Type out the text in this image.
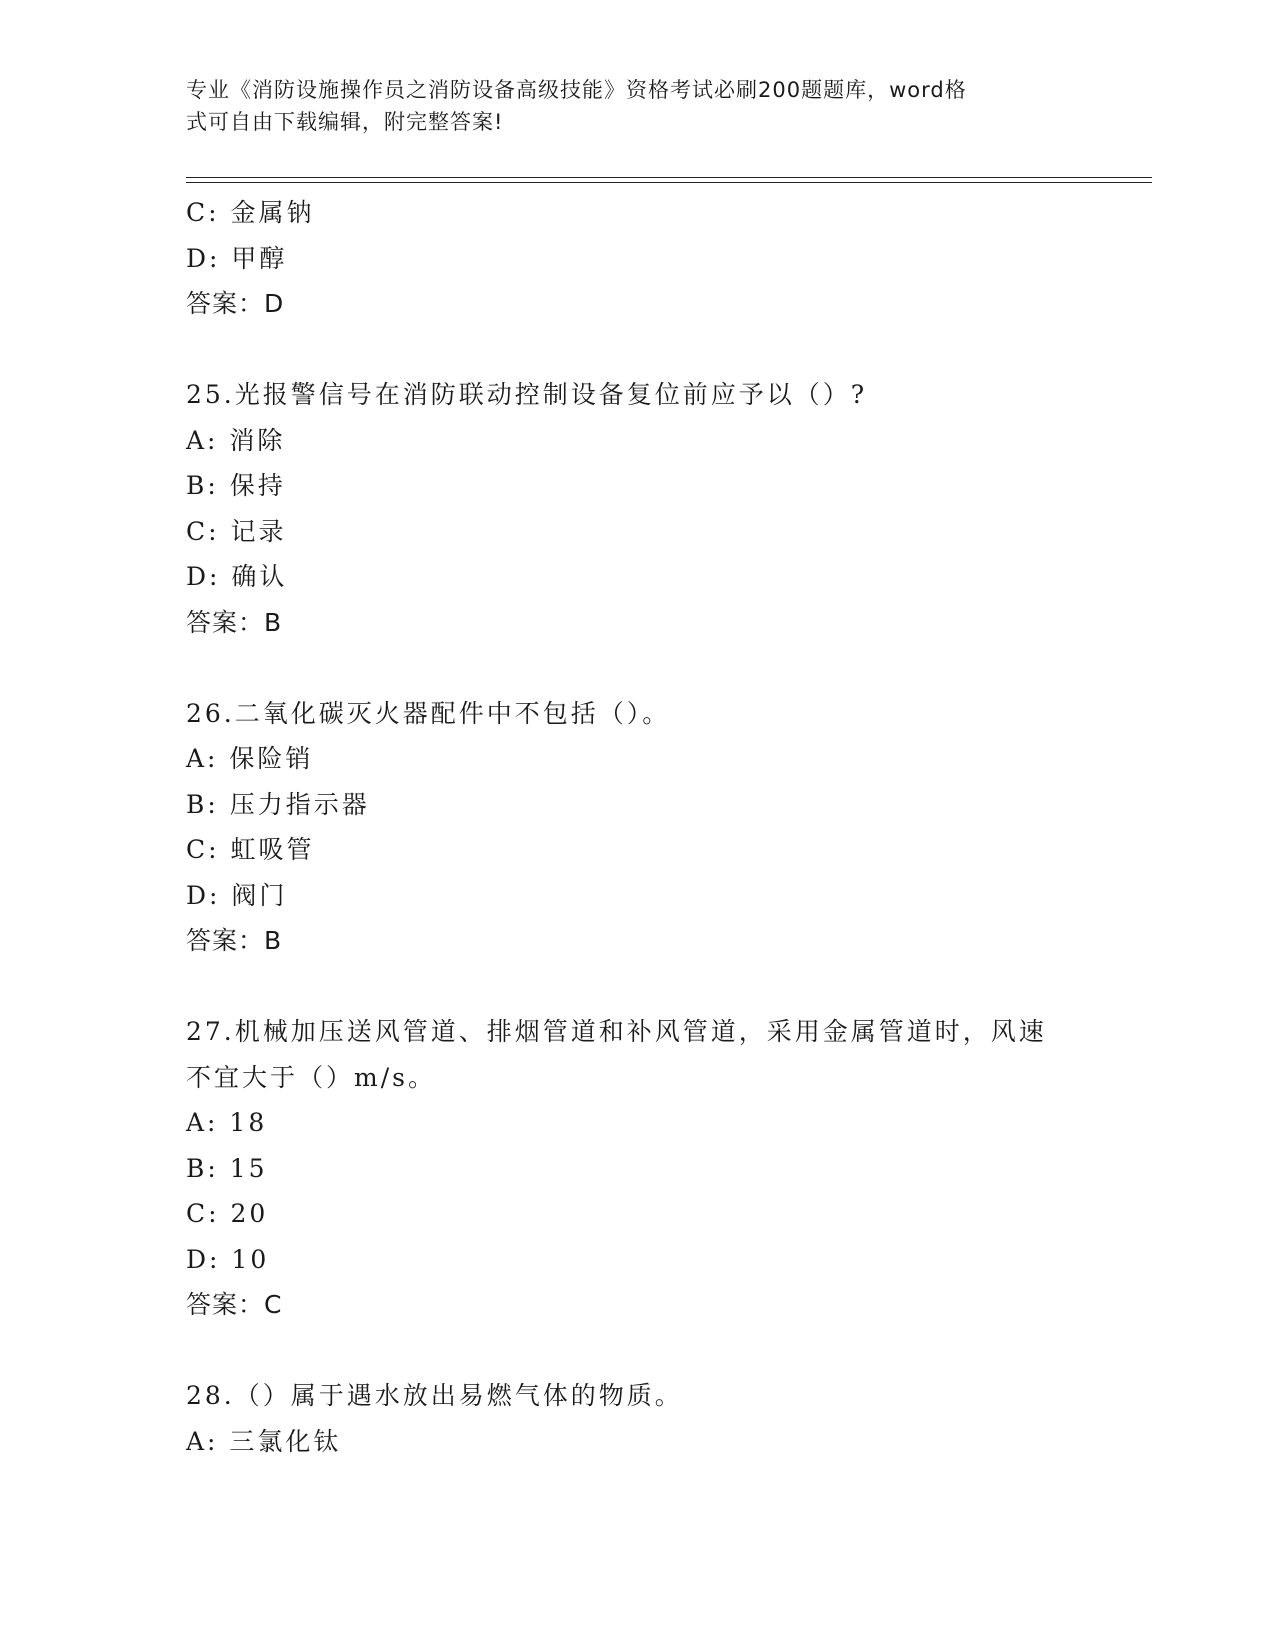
专业《消防设施操作员之消防设备高级技能》资格考试必刷200题题库，word格
式可自由下载编辑，附完整答案!
C: 金属钠
D: 甲醇
答案：D
25.光报警信号在消防联动控制设备复位前应予以（）?
A: 消除
B: 保持
C: 记录
D: 确认
答案：B
26.二氧化碳灭火器配件中不包括（）。
A: 保险销
B: 压力指示器
C: 虹吸管
D: 阀门
答案：B
27.机械加压送风管道、排烟管道和补风管道，采用金属管道时，风速
不宜大于（）m/s。
A: 18
B: 15
C: 20
D: 10
答案：C
28.（）属于遇水放出易燃气体的物质。
A: 三氯化钛
